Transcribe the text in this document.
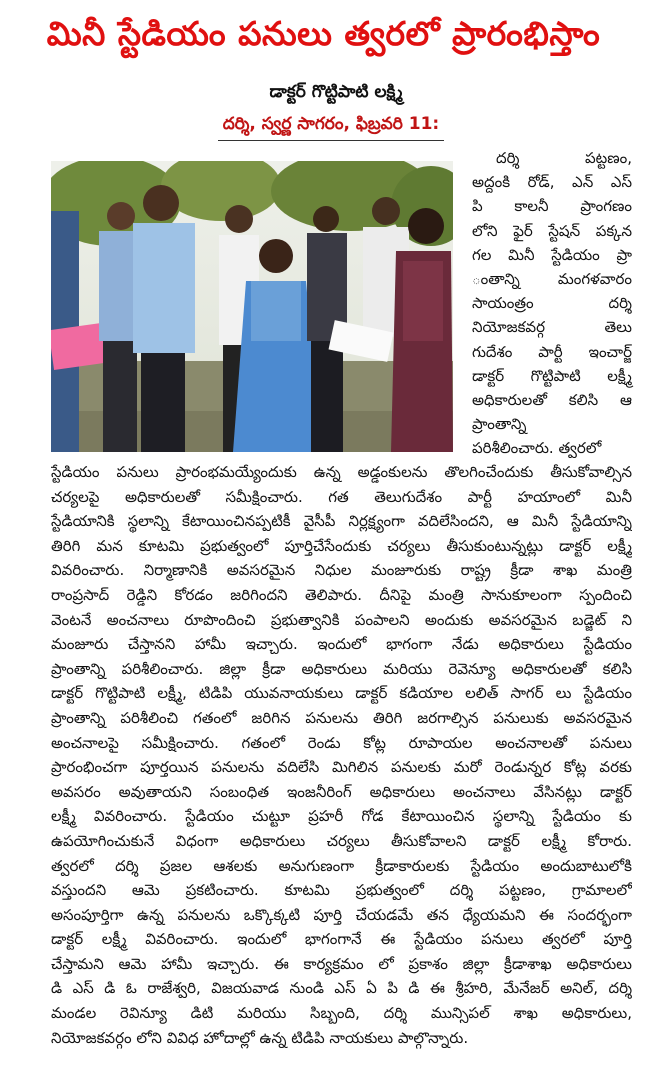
మినీ స్టేడియం పనులు త్వరలో ప్రారంభిస్తాం
డాక్టర్ గొట్టిపాటి లక్ష్మి
దర్శి, స్వర్ణ సాగరం, ఫిబ్రవరి 11:
దర్శి పట్టణం,
అద్దంకి రోడ్, ఎన్ ఎస్
పి కాలనీ ప్రాంగణం
లోని ఫైర్ స్టేషన్ పక్కన
గల మినీ స్టేడియం ప్రా
ంతాన్ని మంగళవారం
సాయంత్రం దర్శి
నియోజకవర్గ తెలు
గుదేశం పార్టీ ఇంచార్జ్
డాక్టర్ గొట్టిపాటి లక్ష్మీ
అధికారులతో కలిసి ఆ
ప్రాంతాన్ని
పరిశీలించారు. త్వరలో
స్టేడియం పనులు ప్రారంభమయ్యేందుకు ఉన్న అడ్డంకులను తొలగించేందుకు తీసుకోవాల్సిన
చర్యలపై అధికారులతో సమీక్షించారు. గత తెలుగుదేశం పార్టీ హయాంలో మినీ
స్టేడియానికి స్థలాన్ని కేటాయించినప్పటికీ వైసీపీ నిర్లక్ష్యంగా వదిలేసిందని, ఆ మినీ స్టేడియాన్ని
తిరిగి మన కూటమి ప్రభుత్వంలో పూర్తిచేసేందుకు చర్యలు తీసుకుంటున్నట్లు డాక్టర్ లక్ష్మీ
వివరించారు. నిర్మాణానికి అవసరమైన నిధుల మంజూరుకు రాష్ట్ర క్రీడా శాఖ మంత్రి
రాంప్రసాద్ రెడ్డిని కోరడం జరిగిందని తెలిపారు. దీనిపై మంత్రి సానుకూలంగా స్పందించి
వెంటనే అంచనాలు రూపొందించి ప్రభుత్వానికి పంపాలని అందుకు అవసరమైన బడ్జెట్ ని
మంజూరు చేస్తానని హామీ ఇచ్చారు. ఇందులో భాగంగా నేడు అధికారులు స్టేడియం
ప్రాంతాన్ని పరిశీలించారు. జిల్లా క్రీడా అధికారులు మరియు రెవెన్యూ అధికారులతో కలిసి
డాక్టర్ గొట్టిపాటి లక్ష్మీ, టిడిపి యువనాయకులు డాక్టర్ కడియాల లలిత్ సాగర్ లు స్టేడియం
ప్రాంతాన్ని పరిశీలించి గతంలో జరిగిన పనులను తిరిగి జరగాల్సిన పనులుకు అవసరమైన
అంచనాలపై సమీక్షించారు. గతంలో రెండు కోట్ల రూపాయల అంచనాలతో పనులు
ప్రారంభించగా పూర్తయిన పనులను వదిలేసి మిగిలిన పనులకు మరో రెండున్నర కోట్ల వరకు
అవసరం అవుతాయని సంబంధిత ఇంజనీరింగ్ అధికారులు అంచనాలు వేసినట్లు డాక్టర్
లక్ష్మీ వివరించారు. స్టేడియం చుట్టూ ప్రహరీ గోడ కేటాయించిన స్థలాన్ని స్టేడియం కు
ఉపయోగించుకునే విధంగా అధికారులు చర్యలు తీసుకోవాలని డాక్టర్ లక్ష్మీ కోరారు.
త్వరలో దర్శి ప్రజల ఆశలకు అనుగుణంగా క్రీడాకారులకు స్టేడియం అందుబాటులోకి
వస్తుందని ఆమె ప్రకటించారు. కూటమి ప్రభుత్వంలో దర్శి పట్టణం, గ్రామాలలో
అసంపూర్తిగా ఉన్న పనులను ఒక్కొక్కటి పూర్తి చేయడమే తన ధ్యేయమని ఈ సందర్భంగా
డాక్టర్ లక్ష్మీ వివరించారు. ఇందులో భాగంగానే ఈ స్టేడియం పనులు త్వరలో పూర్తి
చేస్తామని ఆమె హామీ ఇచ్చారు. ఈ కార్యక్రమం లో ప్రకాశం జిల్లా క్రీడాశాఖ అధికారులు
డి ఎస్ డి ఓ రాజేశ్వరి, విజయవాడ నుండి ఎస్ ఏ పి డి ఈ శ్రీహరి, మేనేజర్ అనిల్, దర్శి
మండల రెవిన్యూ డిటి మరియు సిబ్బంది, దర్శి మున్సిపల్ శాఖ అధికారులు,
నియోజకవర్గం లోని వివిధ హోదాల్లో ఉన్న టిడిపి నాయకులు పాల్గొన్నారు.
